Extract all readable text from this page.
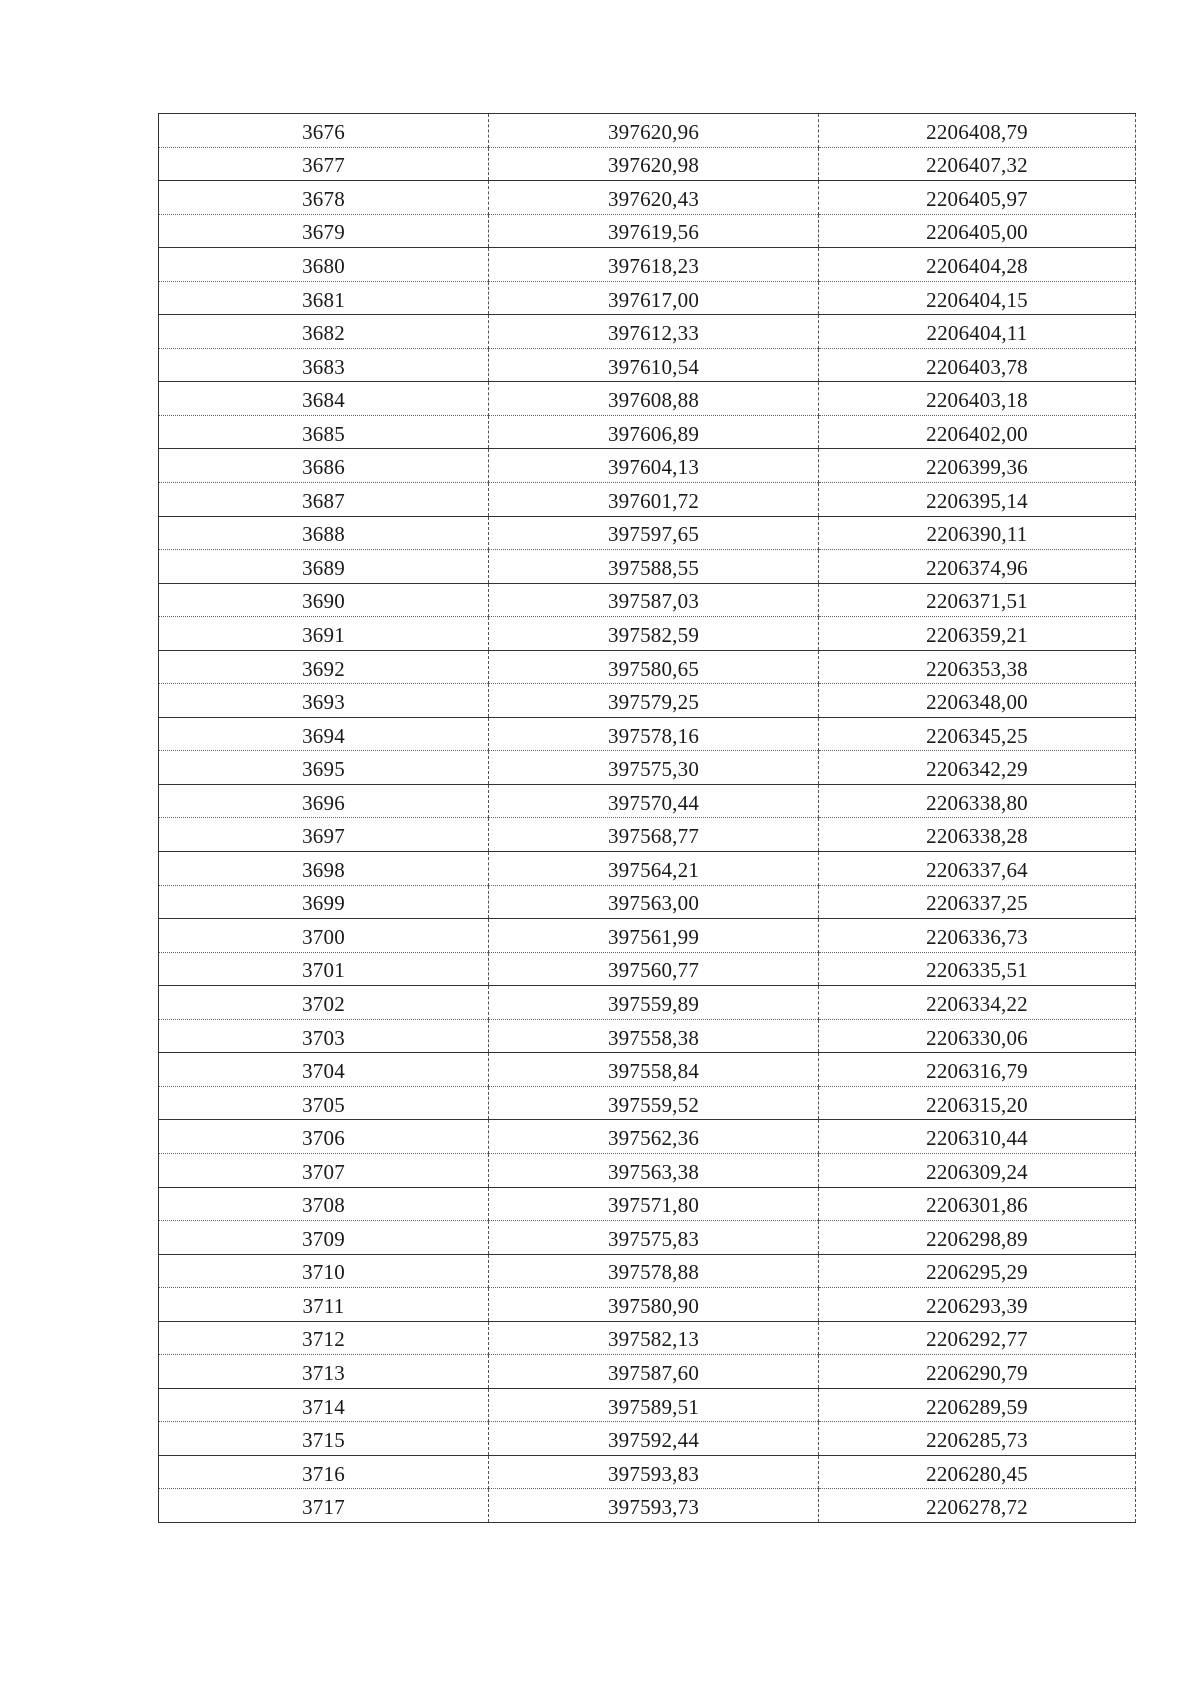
3676	397620,96	2206408,79
3677	397620,98	2206407,32
3678	397620,43	2206405,97
3679	397619,56	2206405,00
3680	397618,23	2206404,28
3681	397617,00	2206404,15
3682	397612,33	2206404,11
3683	397610,54	2206403,78
3684	397608,88	2206403,18
3685	397606,89	2206402,00
3686	397604,13	2206399,36
3687	397601,72	2206395,14
3688	397597,65	2206390,11
3689	397588,55	2206374,96
3690	397587,03	2206371,51
3691	397582,59	2206359,21
3692	397580,65	2206353,38
3693	397579,25	2206348,00
3694	397578,16	2206345,25
3695	397575,30	2206342,29
3696	397570,44	2206338,80
3697	397568,77	2206338,28
3698	397564,21	2206337,64
3699	397563,00	2206337,25
3700	397561,99	2206336,73
3701	397560,77	2206335,51
3702	397559,89	2206334,22
3703	397558,38	2206330,06
3704	397558,84	2206316,79
3705	397559,52	2206315,20
3706	397562,36	2206310,44
3707	397563,38	2206309,24
3708	397571,80	2206301,86
3709	397575,83	2206298,89
3710	397578,88	2206295,29
3711	397580,90	2206293,39
3712	397582,13	2206292,77
3713	397587,60	2206290,79
3714	397589,51	2206289,59
3715	397592,44	2206285,73
3716	397593,83	2206280,45
3717	397593,73	2206278,72
